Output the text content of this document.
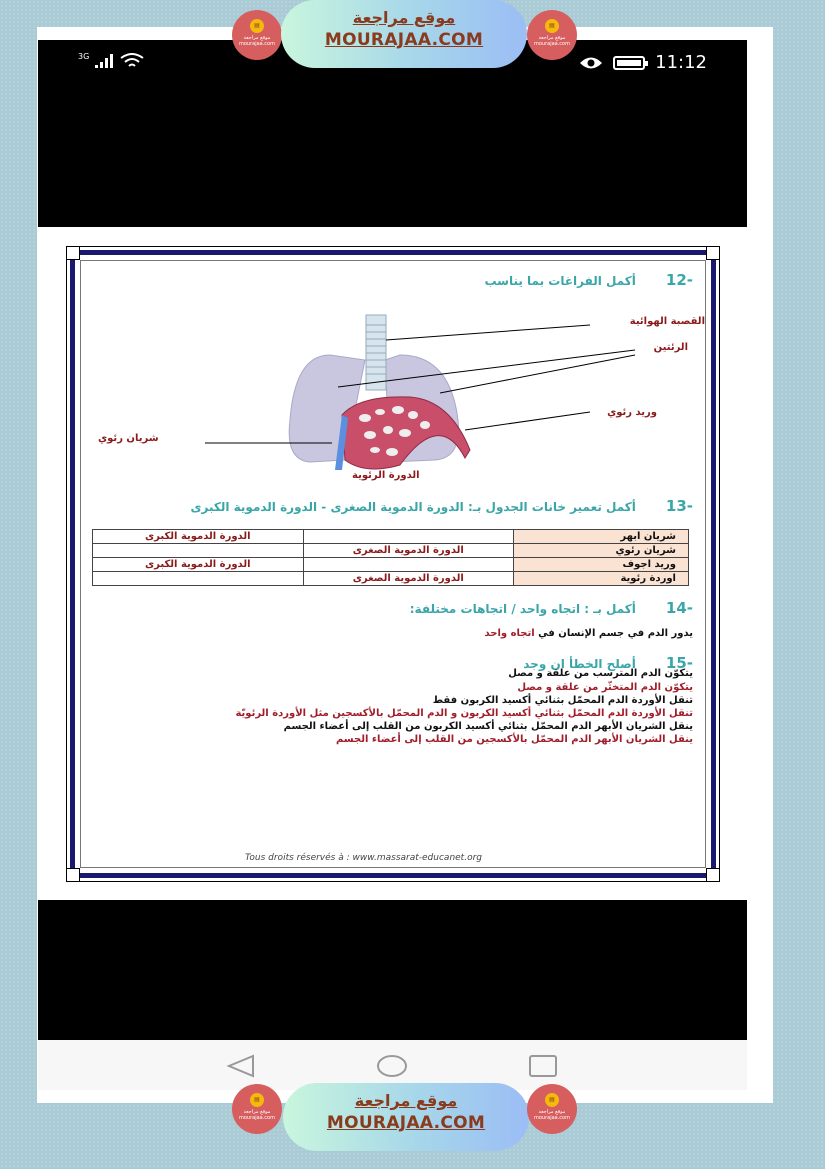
3G	11:12
-12أكمل الفراغات بما يناسب
القصبة الهوائية
الرئتين
وريد رئوي
شريان رئوي
الدورة الرئوية
-13أكمل تعمير خانات الجدول بـ: الدورة الدموية الصغرى - الدورة الدموية الكبرى
الدورة الدموية الكبرى		شريان ابهر
	الدورة الدموية الصغرى	شريان رئوي
الدورة الدموية الكبرى		وريد اجوف
	الدورة الدموية الصغرى	اوردة رئوية
-14أكمل بـ : اتجاه واحد / اتجاهات مختلفة:
يدور الدم في جسم الإنسان في اتجاه واحد
-15أصلح الخطأ ان وجد
يتكوّن الدم المترسب من علقة و مصل
يتكوّن الدم المتخثّر من علقة و مصل
تنقل الأوردة الدم المحمّل بثنائي أكسيد الكربون فقط
تنقل الأوردة الدم المحمّل بثنائي أكسيد الكربون و الدم المحمّل بالأكسجين مثل الأوردة الرئويّة
ينقل الشريان الأبهر الدم المحمّل بثنائي أكسيد الكربون من القلب إلى أعضاء الجسم
ينقل الشريان الأبهر الدم المحمّل بالأكسجين من القلب إلى أعضاء الجسم
Tous droits réservés à : www.massarat-educanet.org
▤
موقع مراجعة
mourajaa.com
موقع مراجعة
MOURAJAA.COM
▤
موقع مراجعة
mourajaa.com
▤
موقع مراجعة
mourajaa.com
موقع مراجعة
MOURAJAA.COM
▤
موقع مراجعة
mourajaa.com
